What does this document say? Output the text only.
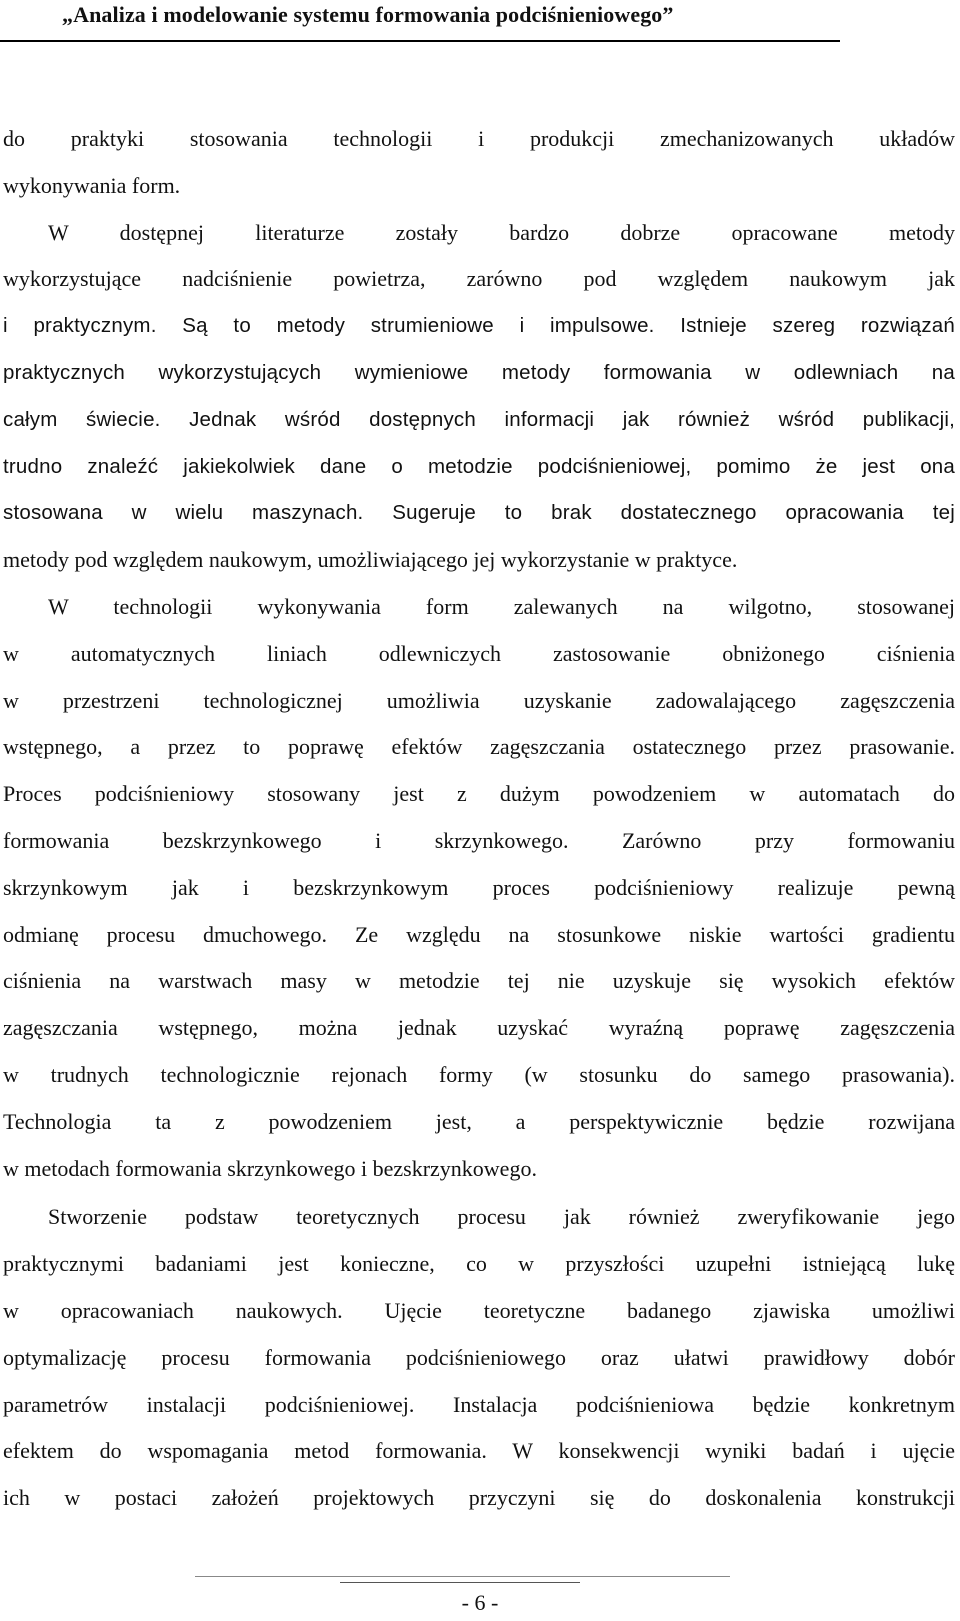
„Analiza i modelowanie systemu formowania podciśnieniowego”

do praktyki stosowania technologii i produkcji zmechanizowanych układów

wykonywania form.

W dostępnej literaturze zostały bardzo dobrze opracowane metody

wykorzystujące nadciśnienie powietrza, zarówno pod względem naukowym jak

i praktycznym. Są to metody strumieniowe i impulsowe. Istnieje szereg rozwiązań

praktycznych wykorzystujących wymieniowe metody formowania w odlewniach na

całym świecie. Jednak wśród dostępnych informacji jak również wśród publikacji,

trudno znaleźć jakiekolwiek dane o metodzie podciśnieniowej, pomimo że jest ona

stosowana w wielu maszynach. Sugeruje to brak dostatecznego opracowania tej

metody pod względem naukowym, umożliwiającego jej wykorzystanie w praktyce.

W technologii wykonywania form zalewanych na wilgotno, stosowanej

w automatycznych liniach odlewniczych zastosowanie obniżonego ciśnienia

w przestrzeni technologicznej umożliwia uzyskanie zadowalającego zagęszczenia

wstępnego, a przez to poprawę efektów zagęszczania ostatecznego przez prasowanie.

Proces podciśnieniowy stosowany jest z dużym powodzeniem w automatach do

formowania bezskrzynkowego i skrzynkowego. Zarówno przy formowaniu

skrzynkowym jak i bezskrzynkowym proces podciśnieniowy realizuje pewną

odmianę procesu dmuchowego. Ze względu na stosunkowe niskie wartości gradientu

ciśnienia na warstwach masy w metodzie tej nie uzyskuje się wysokich efektów

zagęszczania wstępnego, można jednak uzyskać wyraźną poprawę zagęszczenia

w trudnych technologicznie rejonach formy (w stosunku do samego prasowania).

Technologia ta z powodzeniem jest, a perspektywicznie będzie rozwijana

w metodach formowania skrzynkowego i bezskrzynkowego.

Stworzenie podstaw teoretycznych procesu jak również zweryfikowanie jego

praktycznymi badaniami jest konieczne, co w przyszłości uzupełni istniejącą lukę

w opracowaniach naukowych. Ujęcie teoretyczne badanego zjawiska umożliwi

optymalizację procesu formowania podciśnieniowego oraz ułatwi prawidłowy dobór

parametrów instalacji podciśnieniowej. Instalacja podciśnieniowa będzie konkretnym

efektem do wspomagania metod formowania. W konsekwencji wyniki badań i ujęcie

ich w postaci założeń projektowych przyczyni się do doskonalenia konstrukcji

- 6 -
